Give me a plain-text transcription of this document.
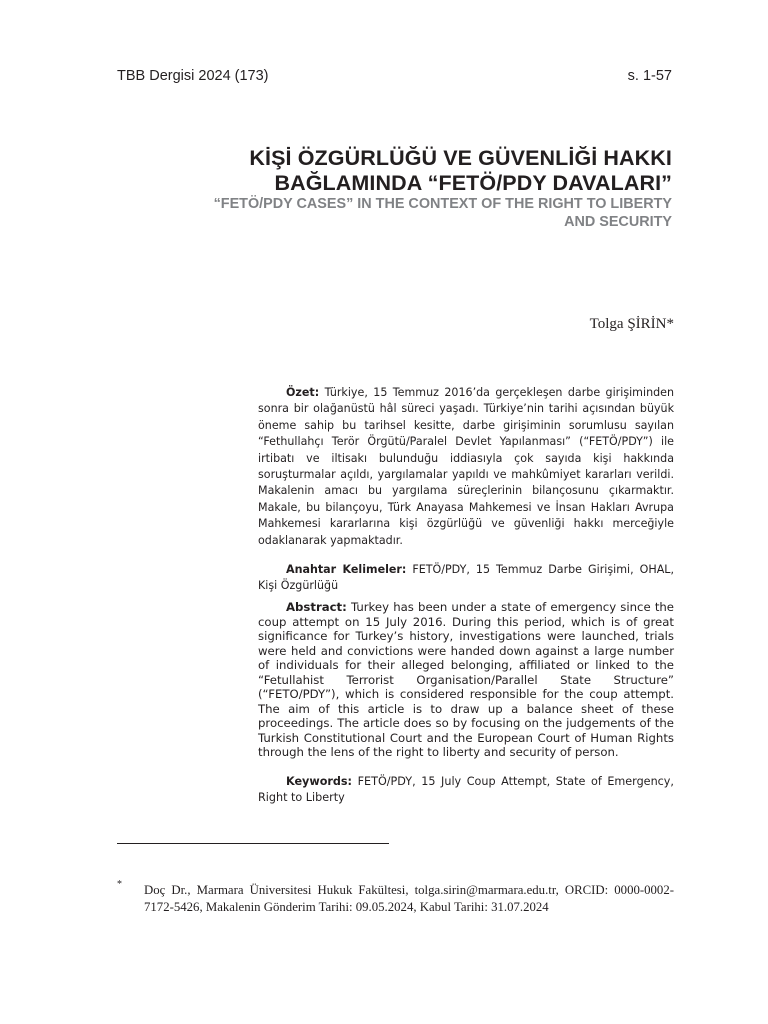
TBB Dergisi 2024 (173)	s. 1-57
KİŞİ ÖZGÜRLÜĞÜ VE GÜVENLİĞİ HAKKI
BAĞLAMINDA “FETÖ/PDY DAVALARI”
“FETÖ/PDY CASES” IN THE CONTEXT OF THE RIGHT TO LIBERTY
AND SECURITY
Tolga ŞİRİN*

Özet: Türkiye, 15 Temmuz 2016’da gerçekleşen darbe girişiminden sonra bir olağanüstü hâl süreci yaşadı. Türkiye’nin tarihi açısından büyük öneme sahip bu tarihsel kesitte, darbe girişiminin sorumlusu sayılan “Fethullahçı Terör Örgütü/Paralel Devlet Yapılanması” (“FETÖ/PDY”) ile irtibatı ve iltisakı bulunduğu iddiasıyla çok sayıda kişi hakkında soruşturmalar açıldı, yargılamalar yapıldı ve mahkûmiyet kararları verildi. Makalenin amacı bu yargılama süreçlerinin bilançosunu çıkarmaktır. Makale, bu bilançoyu, Türk Anayasa Mahkemesi ve İnsan Hakları Avrupa Mahkemesi kararlarına kişi özgürlüğü ve güvenliği hakkı merceğiyle odaklanarak yapmaktadır.

Anahtar Kelimeler: FETÖ/PDY, 15 Temmuz Darbe Girişimi, OHAL, Kişi Özgürlüğü

Abstract: Turkey has been under a state of emergency since the coup attempt on 15 July 2016. During this period, which is of great significance for Turkey’s history, investigations were launched, trials were held and convictions were handed down against a large number of individuals for their alleged belonging, affiliated or linked to the “Fetullahist Terrorist Organisation/Parallel State Structure” (“FETO/PDY”), which is considered responsible for the coup attempt. The aim of this article is to draw up a balance sheet of these proceedings. The article does so by focusing on the judgements of the Turkish Constitutional Court and the European Court of Human Rights through the lens of the right to liberty and security of person.

Keywords: FETÖ/PDY, 15 July Coup Attempt, State of Emergency, Right to Liberty

* Doç Dr., Marmara Üniversitesi Hukuk Fakültesi, tolga.sirin@marmara.edu.tr, ORCID: 0000-0002-7172-5426, Makalenin Gönderim Tarihi: 09.05.2024, Kabul Tarihi: 31.07.2024
